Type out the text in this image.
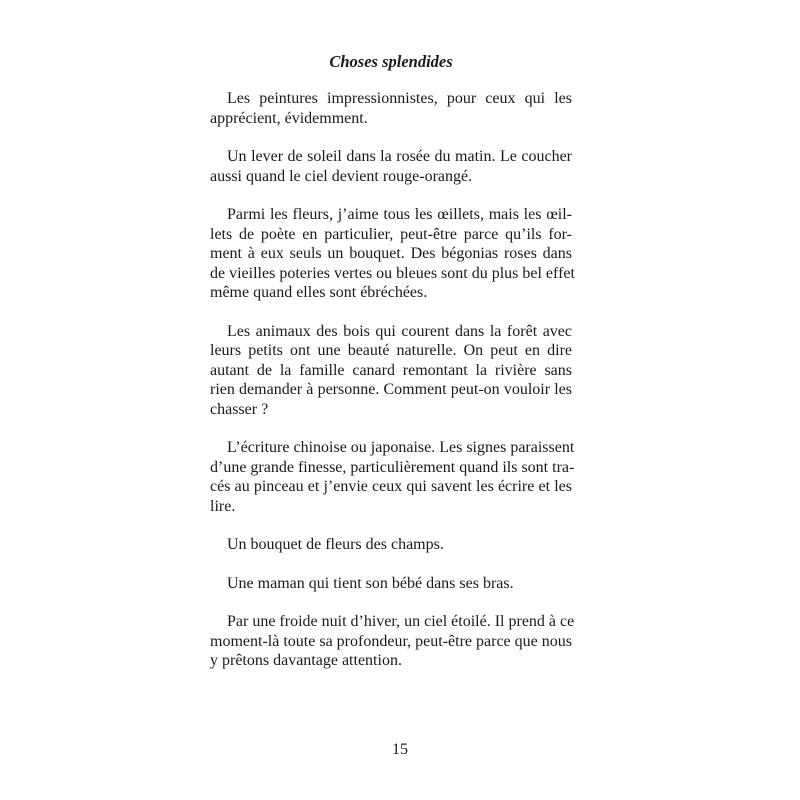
Choses splendides
Les peintures impressionnistes, pour ceux qui les
apprécient, évidemment.
Un lever de soleil dans la rosée du matin. Le coucher
aussi quand le ciel devient rouge-orangé.
Parmi les fleurs, j’aime tous les œillets, mais les œil-
lets de poète en particulier, peut-être parce qu’ils for-
ment à eux seuls un bouquet. Des bégonias roses dans
de vieilles poteries vertes ou bleues sont du plus bel effet
même quand elles sont ébréchées.
Les animaux des bois qui courent dans la forêt avec
leurs petits ont une beauté naturelle. On peut en dire
autant de la famille canard remontant la rivière sans
rien demander à personne. Comment peut-on vouloir les
chasser ?
L’écriture chinoise ou japonaise. Les signes paraissent
d’une grande finesse, particulièrement quand ils sont tra-
cés au pinceau et j’envie ceux qui savent les écrire et les
lire.
Un bouquet de fleurs des champs.
Une maman qui tient son bébé dans ses bras.
Par une froide nuit d’hiver, un ciel étoilé. Il prend à ce
moment-là toute sa profondeur, peut-être parce que nous
y prêtons davantage attention.
15
